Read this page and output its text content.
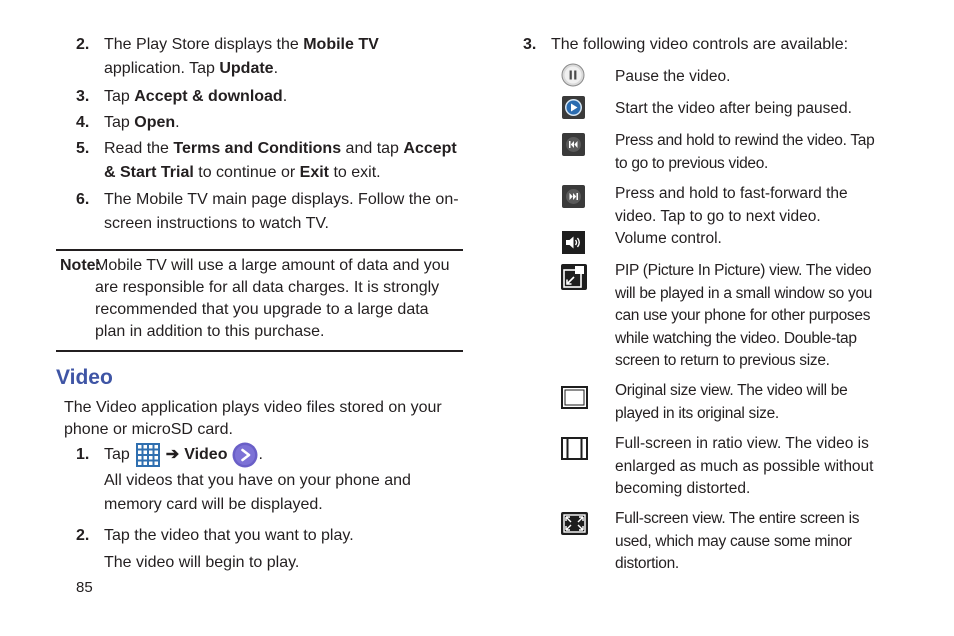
2. The Play Store displays the Mobile TV application. Tap Update.
3. Tap Accept & download.
4. Tap Open.
5. Read the Terms and Conditions and tap Accept & Start Trial to continue or Exit to exit.
6. The Mobile TV main page displays. Follow the on-screen instructions to watch TV.
Note:
Mobile TV will use a large amount of data and you are responsible for all data charges. It is strongly recommended that you upgrade to a large data plan in addition to this purchase.
Video
The Video application plays video files stored on your phone or microSD card.
1. Tap ➔ Video .
All videos that you have on your phone and memory card will be displayed.
2. Tap the video that you want to play.
The video will begin to play.
85
3. The following video controls are available:
Pause the video.
Start the video after being paused.
Press and hold to rewind the video. Tap to go to previous video.
Press and hold to fast-forward the video. Tap to go to next video.
Volume control.
PIP (Picture In Picture) view. The video will be played in a small window so you can use your phone for other purposes while watching the video. Double-tap screen to return to previous size.
Original size view. The video will be played in its original size.
Full-screen in ratio view. The video is enlarged as much as possible without becoming distorted.
Full-screen view. The entire screen is used, which may cause some minor distortion.
